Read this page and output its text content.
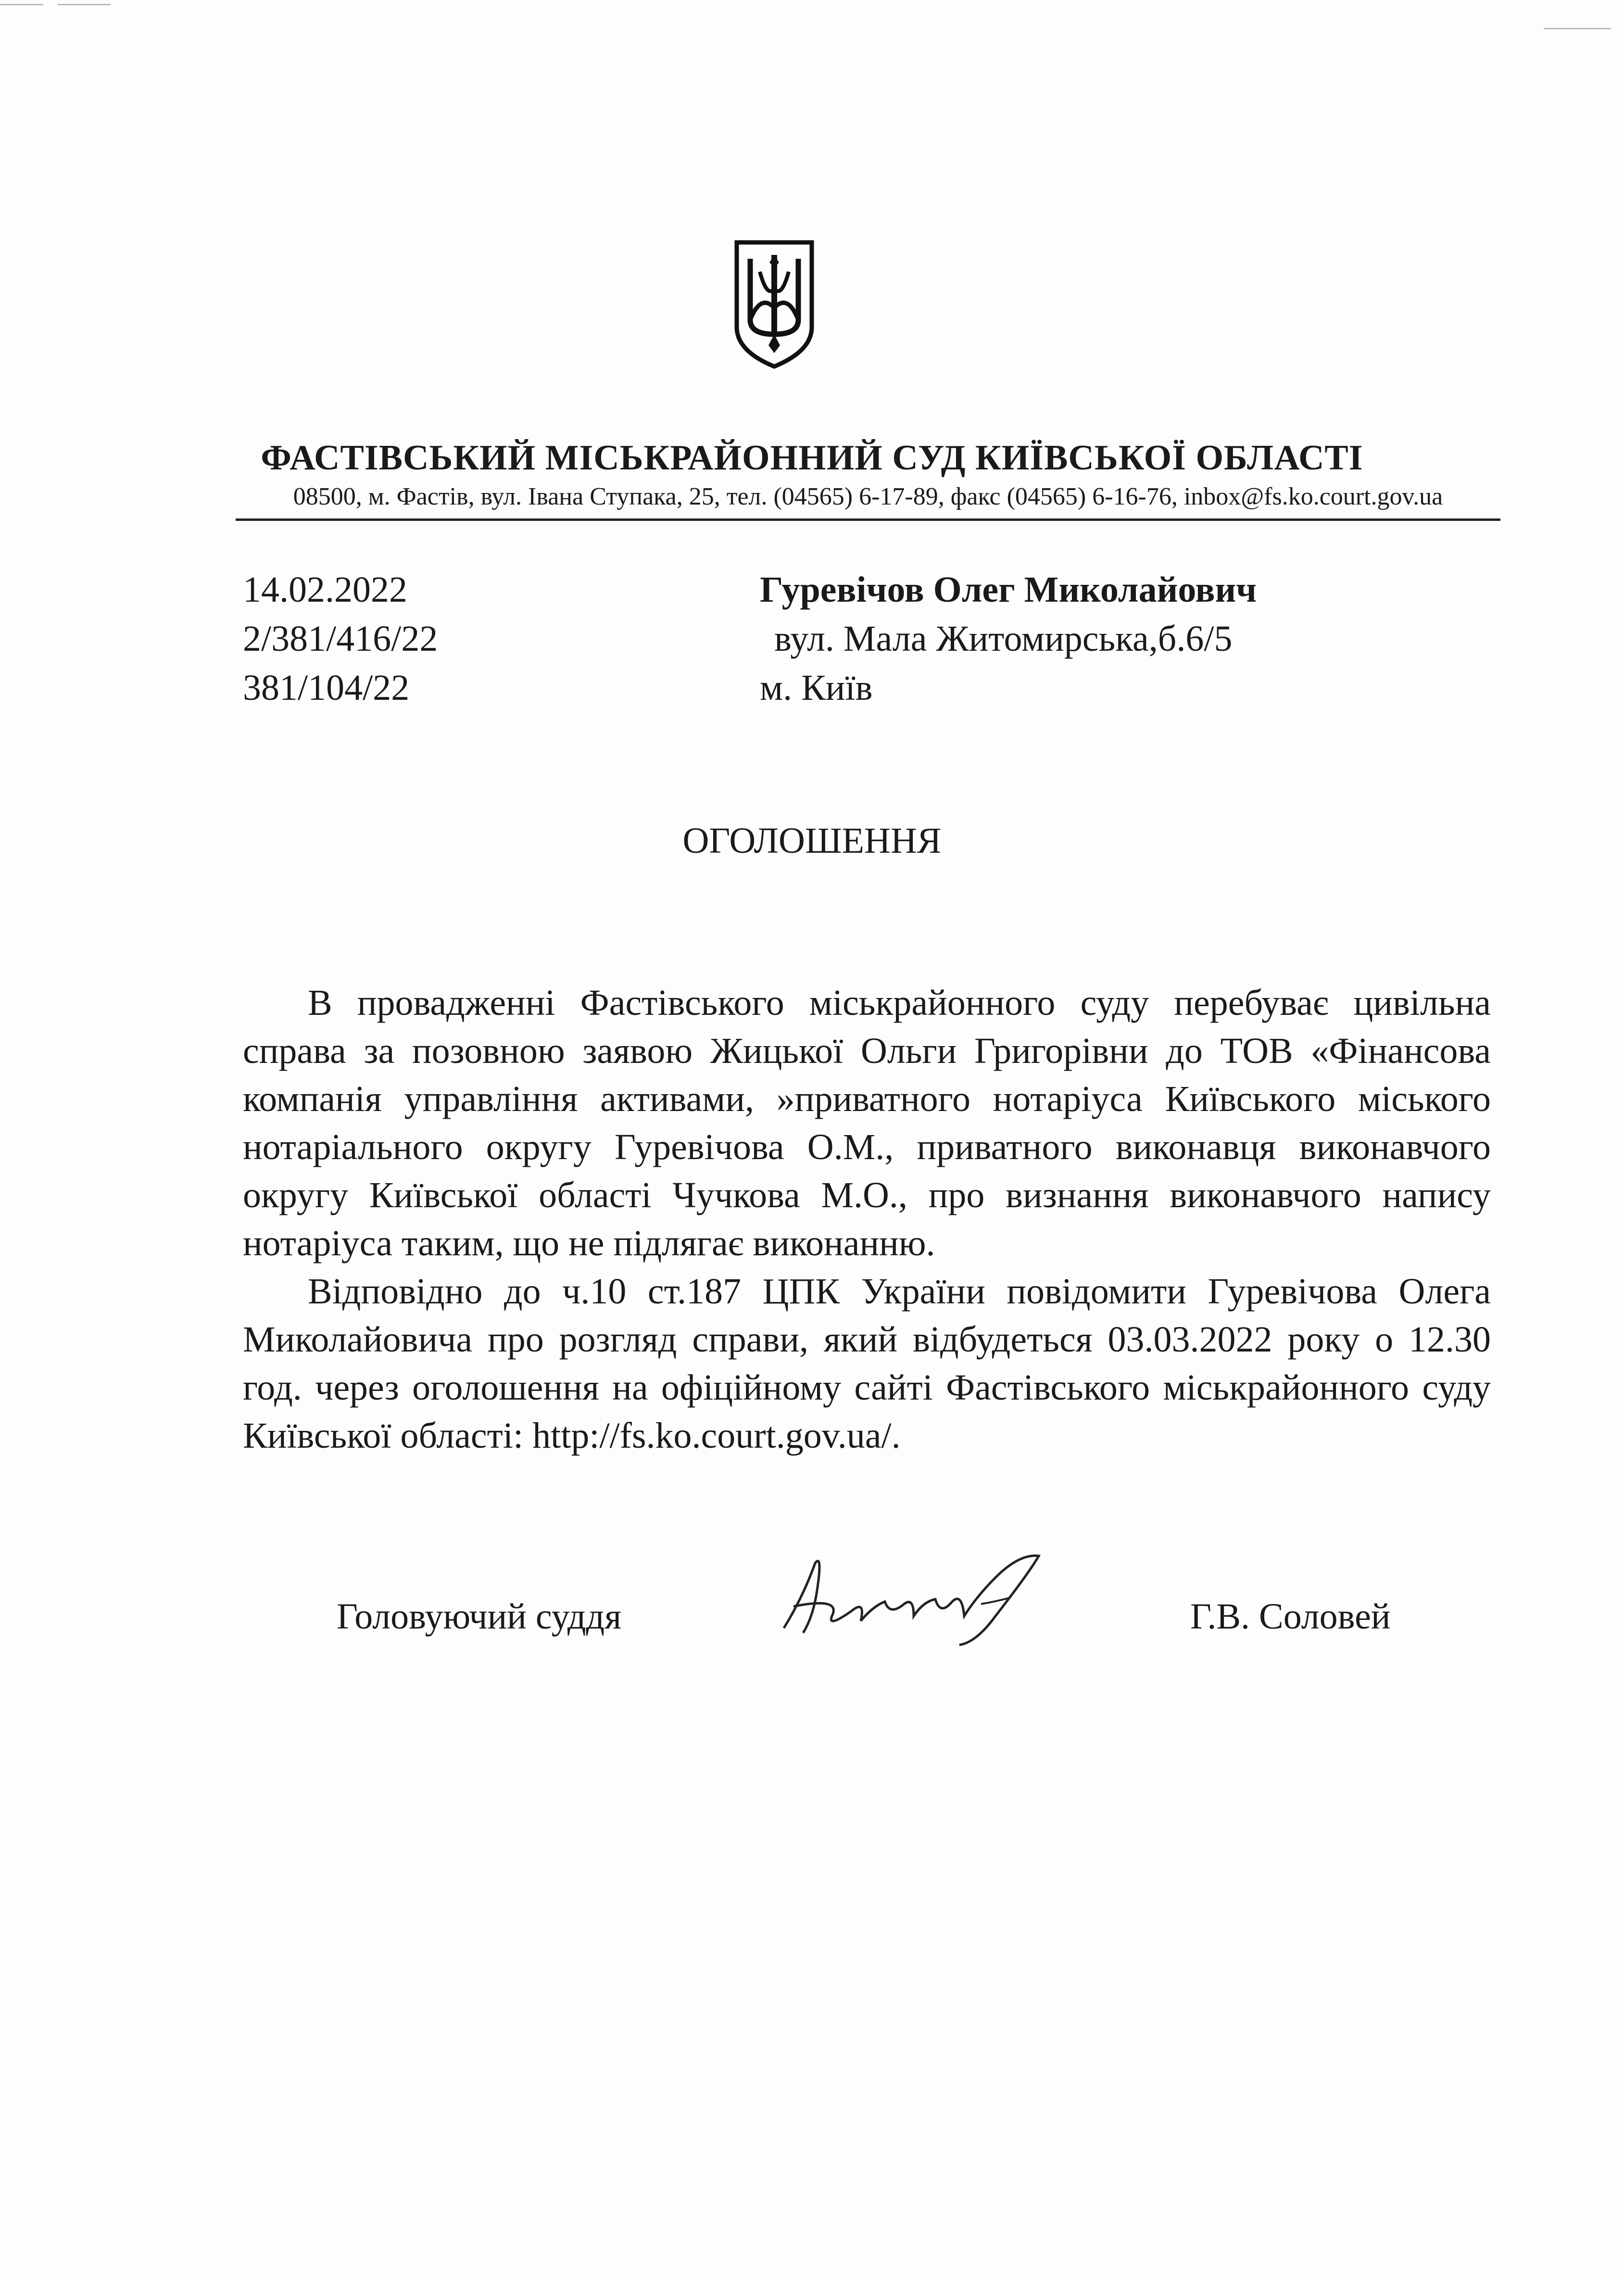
ФАСТІВСЬКИЙ МІСЬКРАЙОННИЙ СУД КИЇВСЬКОЇ ОБЛАСТІ
08500, м. Фастів, вул. Івана Ступака, 25, тел. (04565) 6-17-89, факс (04565) 6-16-76, inbox@fs.ko.court.gov.ua
14.02.2022
2/381/416/22
381/104/22
Гуревічов Олег Миколайович
вул. Мала Житомирська,б.6/5
м. Київ
ОГОЛОШЕННЯ

В провадженні Фастівського міськрайонного суду перебуває цивільна справа за позовною заявою Жицької Ольги Григорівни до ТОВ «Фінансова компанія управління активами, »приватного нотаріуса Київського міського нотаріального округу Гуревічова О.М., приватного виконавця виконавчого округу Київської області Чучкова М.О., про визнання виконавчого напису нотаріуса таким, що не підлягає виконанню.

Відповідно до ч.10 ст.187 ЦПК України повідомити Гуревічова Олега Миколайовича про розгляд справи, який відбудеться 03.03.2022 року о 12.30 год. через оголошення на офіційному сайті Фастівського міськрайонного суду Київської області: http://fs.ko.court.gov.ua/.

Головуючий суддя	Г.В. Соловей
